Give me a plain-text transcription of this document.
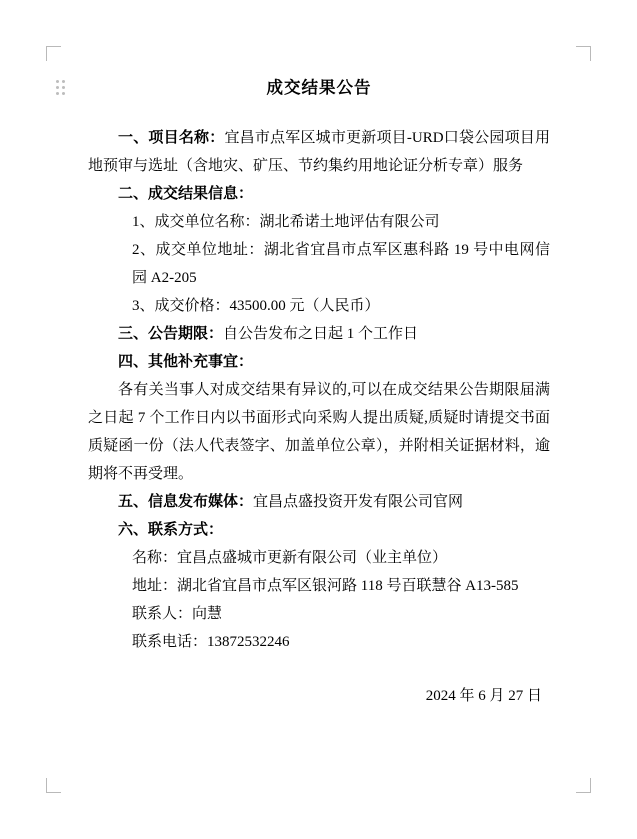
成交结果公告

一、项目名称：宜昌市点军区城市更新项目-URD口袋公园项目用地预审与选址（含地灾、矿压、节约集约用地论证分析专章）服务

二、成交结果信息：

1、成交单位名称：湖北希诺土地评估有限公司

2、成交单位地址：湖北省宜昌市点军区惠科路 19 号中电网信园 A2-205

3、成交价格：43500.00 元（人民币）

三、公告期限：自公告发布之日起 1 个工作日

四、其他补充事宜：

各有关当事人对成交结果有异议的,可以在成交结果公告期限届满之日起 7 个工作日内以书面形式向采购人提出质疑,质疑时请提交书面质疑函一份（法人代表签字、加盖单位公章），并附相关证据材料，逾期将不再受理。

五、信息发布媒体：宜昌点盛投资开发有限公司官网

六、联系方式：

名称：宜昌点盛城市更新有限公司（业主单位）

地址：湖北省宜昌市点军区银河路 118 号百联慧谷 A13-585

联系人：向慧

联系电话：13872532246

2024 年 6 月 27 日
